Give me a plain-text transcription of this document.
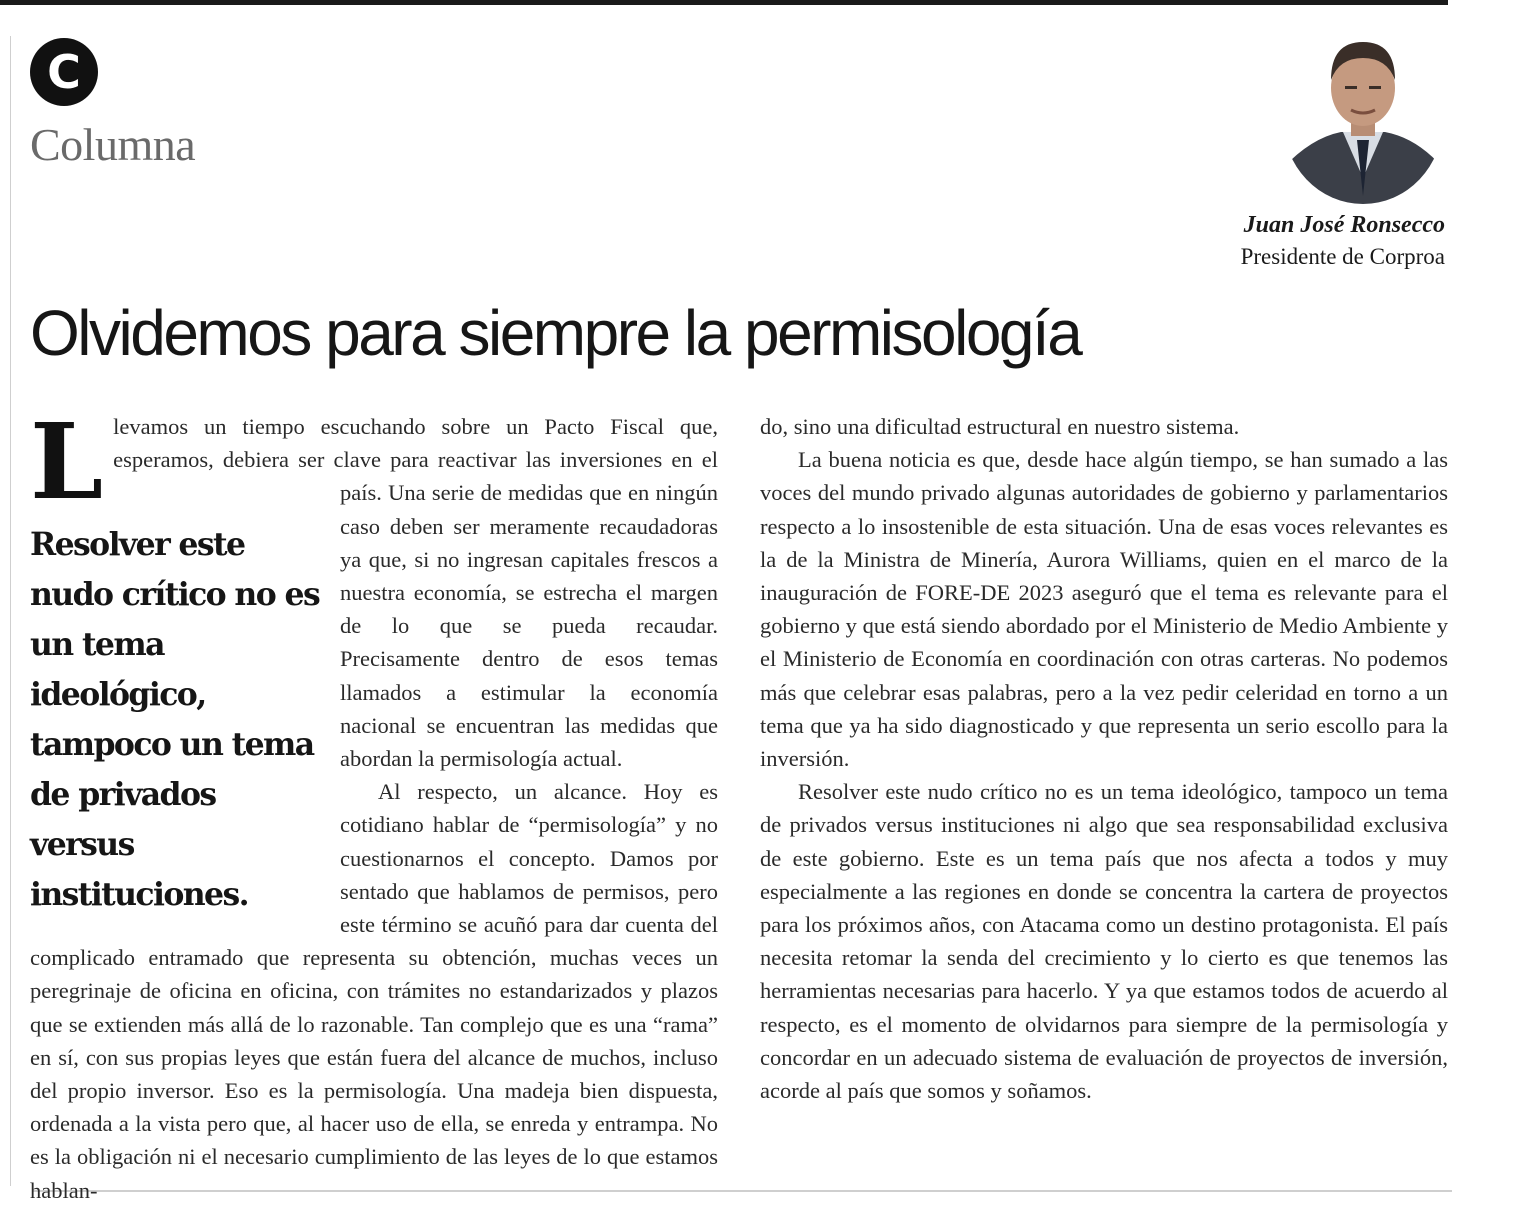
C
Columna
Juan José Ronsecco
Presidente de Corproa
Olvidemos para siempre la permisología
L
Resolver este nudo crítico no es un tema ideológico, tampoco un tema de privados versus instituciones.

levamos un tiempo escuchando sobre un Pacto Fiscal que, esperamos, debiera ser clave para reactivar las inversiones en el país. Una serie de medidas que en ningún caso deben ser meramente recaudadoras ya que, si no ingresan capitales frescos a nuestra economía, se estrecha el margen de lo que se pueda recaudar. Precisamente dentro de esos temas llamados a estimular la economía nacional se encuentran las medidas que abordan la permisología actual.

Al respecto, un alcance. Hoy es cotidiano hablar de “permisología” y no cuestionarnos el concepto. Damos por sentado que hablamos de permisos, pero este término se acuñó para dar cuenta del complicado entramado que representa su obtención, muchas veces un peregrinaje de oficina en oficina, con trámites no estandarizados y plazos que se extienden más allá de lo razonable. Tan complejo que es una “rama” en sí, con sus propias leyes que están fuera del alcance de muchos, incluso del propio inversor. Eso es la permisología. Una madeja bien dispuesta, ordenada a la vista pero que, al hacer uso de ella, se enreda y entrampa. No es la obligación ni el necesario cumplimiento de las leyes de lo que estamos hablan-

do, sino una dificultad estructural en nuestro sistema.

La buena noticia es que, desde hace algún tiempo, se han sumado a las voces del mundo privado algunas autoridades de gobierno y parlamentarios respecto a lo insostenible de esta situación. Una de esas voces relevantes es la de la Ministra de Minería, Aurora Williams, quien en el marco de la inauguración de FORE-DE 2023 aseguró que el tema es relevante para el gobierno y que está siendo abordado por el Ministerio de Medio Ambiente y el Ministerio de Economía en coordinación con otras carteras. No podemos más que celebrar esas palabras, pero a la vez pedir celeridad en torno a un tema que ya ha sido diagnosticado y que representa un serio escollo para la inversión.

Resolver este nudo crítico no es un tema ideológico, tampoco un tema de privados versus instituciones ni algo que sea responsabilidad exclusiva de este gobierno. Este es un tema país que nos afecta a todos y muy especialmente a las regiones en donde se concentra la cartera de proyectos para los próximos años, con Atacama como un destino protagonista. El país necesita retomar la senda del crecimiento y lo cierto es que tenemos las herramientas necesarias para hacerlo. Y ya que estamos todos de acuerdo al respecto, es el momento de olvidarnos para siempre de la permisología y concordar en un adecuado sistema de evaluación de proyectos de inversión, acorde al país que somos y soñamos.
